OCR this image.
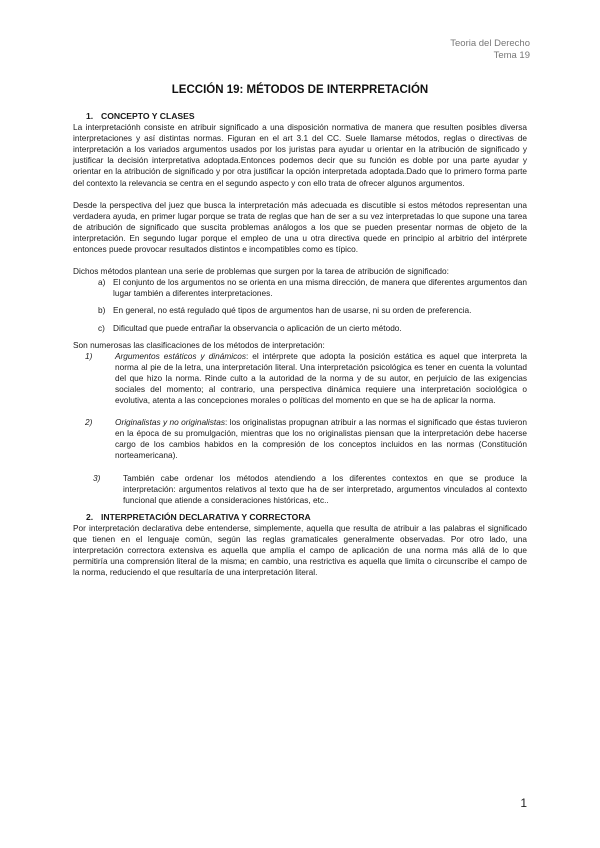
Teoria del Derecho
Tema 19
LECCIÓN 19: MÉTODOS DE INTERPRETACIÓN
1. CONCEPTO Y CLASES

La interpretaciónh consiste en atribuir significado a una disposición normativa de manera que resulten posibles diversa interpretaciones y así distintas normas. Figuran en el art 3.1 del CC. Suele llamarse métodos, reglas o directivas de interpretación a los variados argumentos usados por los juristas para ayudar u orientar en la atribución de significado y justificar la decisión interpretativa adoptada.Entonces podemos decir que su función es doble por una parte ayudar y orientar en la atribución de significado y por otra justificar la opción interpretada adoptada.Dado que lo primero forma parte del contexto la relevancia se centra en el segundo aspecto y con ello trata de ofrecer algunos argumentos.

Desde la perspectiva del juez que busca la interpretación más adecuada es discutible si estos métodos representan una verdadera ayuda, en primer lugar porque se trata de reglas que han de ser a su vez interpretadas lo que supone una tarea de atribución de significado que suscita problemas análogos a los que se pueden presentar normas de objeto de la interpretación. En segundo lugar porque el empleo de una u otra directiva quede en principio al arbitrio del intérprete entonces puede provocar resultados distintos e incompatibles como es típico.

Dichos métodos plantean una serie de problemas que surgen por la tarea de atribución de significado:

a) El conjunto de los argumentos no se orienta en una misma dirección, de manera que diferentes argumentos dan lugar también a diferentes interpretaciones.
b) En general, no está regulado qué tipos de argumentos han de usarse, ni su orden de preferencia.
c) Dificultad que puede entrañar la observancia o aplicación de un cierto método.

Son numerosas las clasificaciones de los métodos de interpretación:

1)	Argumentos estáticos y dinámicos: el intérprete que adopta la posición estática es aquel que interpreta la norma al pie de la letra, una interpretación literal. Una interpretación psicológica es tener en cuenta la voluntad del que hizo la norma. Rinde culto a la autoridad de la norma y de su autor, en perjuicio de las exigencias sociales del momento; al contrario, una perspectiva dinámica requiere una interpretación sociológica o evolutiva, atenta a las concepciones morales o políticas del momento en que se ha de aplicar la norma.
2)	Originalistas y no originalistas: los originalistas propugnan atribuir a las normas el significado que éstas tuvieron en la época de su promulgación, mientras que los no originalistas piensan que la interpretación debe hacerse cargo de los cambios habidos en la compresión de los conceptos incluidos en las normas (Constitución norteamericana).
3)	También cabe ordenar los métodos atendiendo a los diferentes contextos en que se produce la interpretación: argumentos relativos al texto que ha de ser interpretado, argumentos vinculados al contexto funcional que atiende a consideraciones históricas, etc..
2. INTERPRETACIÓN DECLARATIVA Y CORRECTORA

Por interpretación declarativa debe entenderse, simplemente, aquella que resulta de atribuir a las palabras el significado que tienen en el lenguaje común, según las reglas gramaticales generalmente observadas. Por otro lado, una interpretación correctora extensiva es aquella que amplía el campo de aplicación de una norma más allá de lo que permitiría una comprensión literal de la misma; en cambio, una restrictiva es aquella que limita o circunscribe el campo de la norma, reduciendo el que resultaría de una interpretación literal.

1
